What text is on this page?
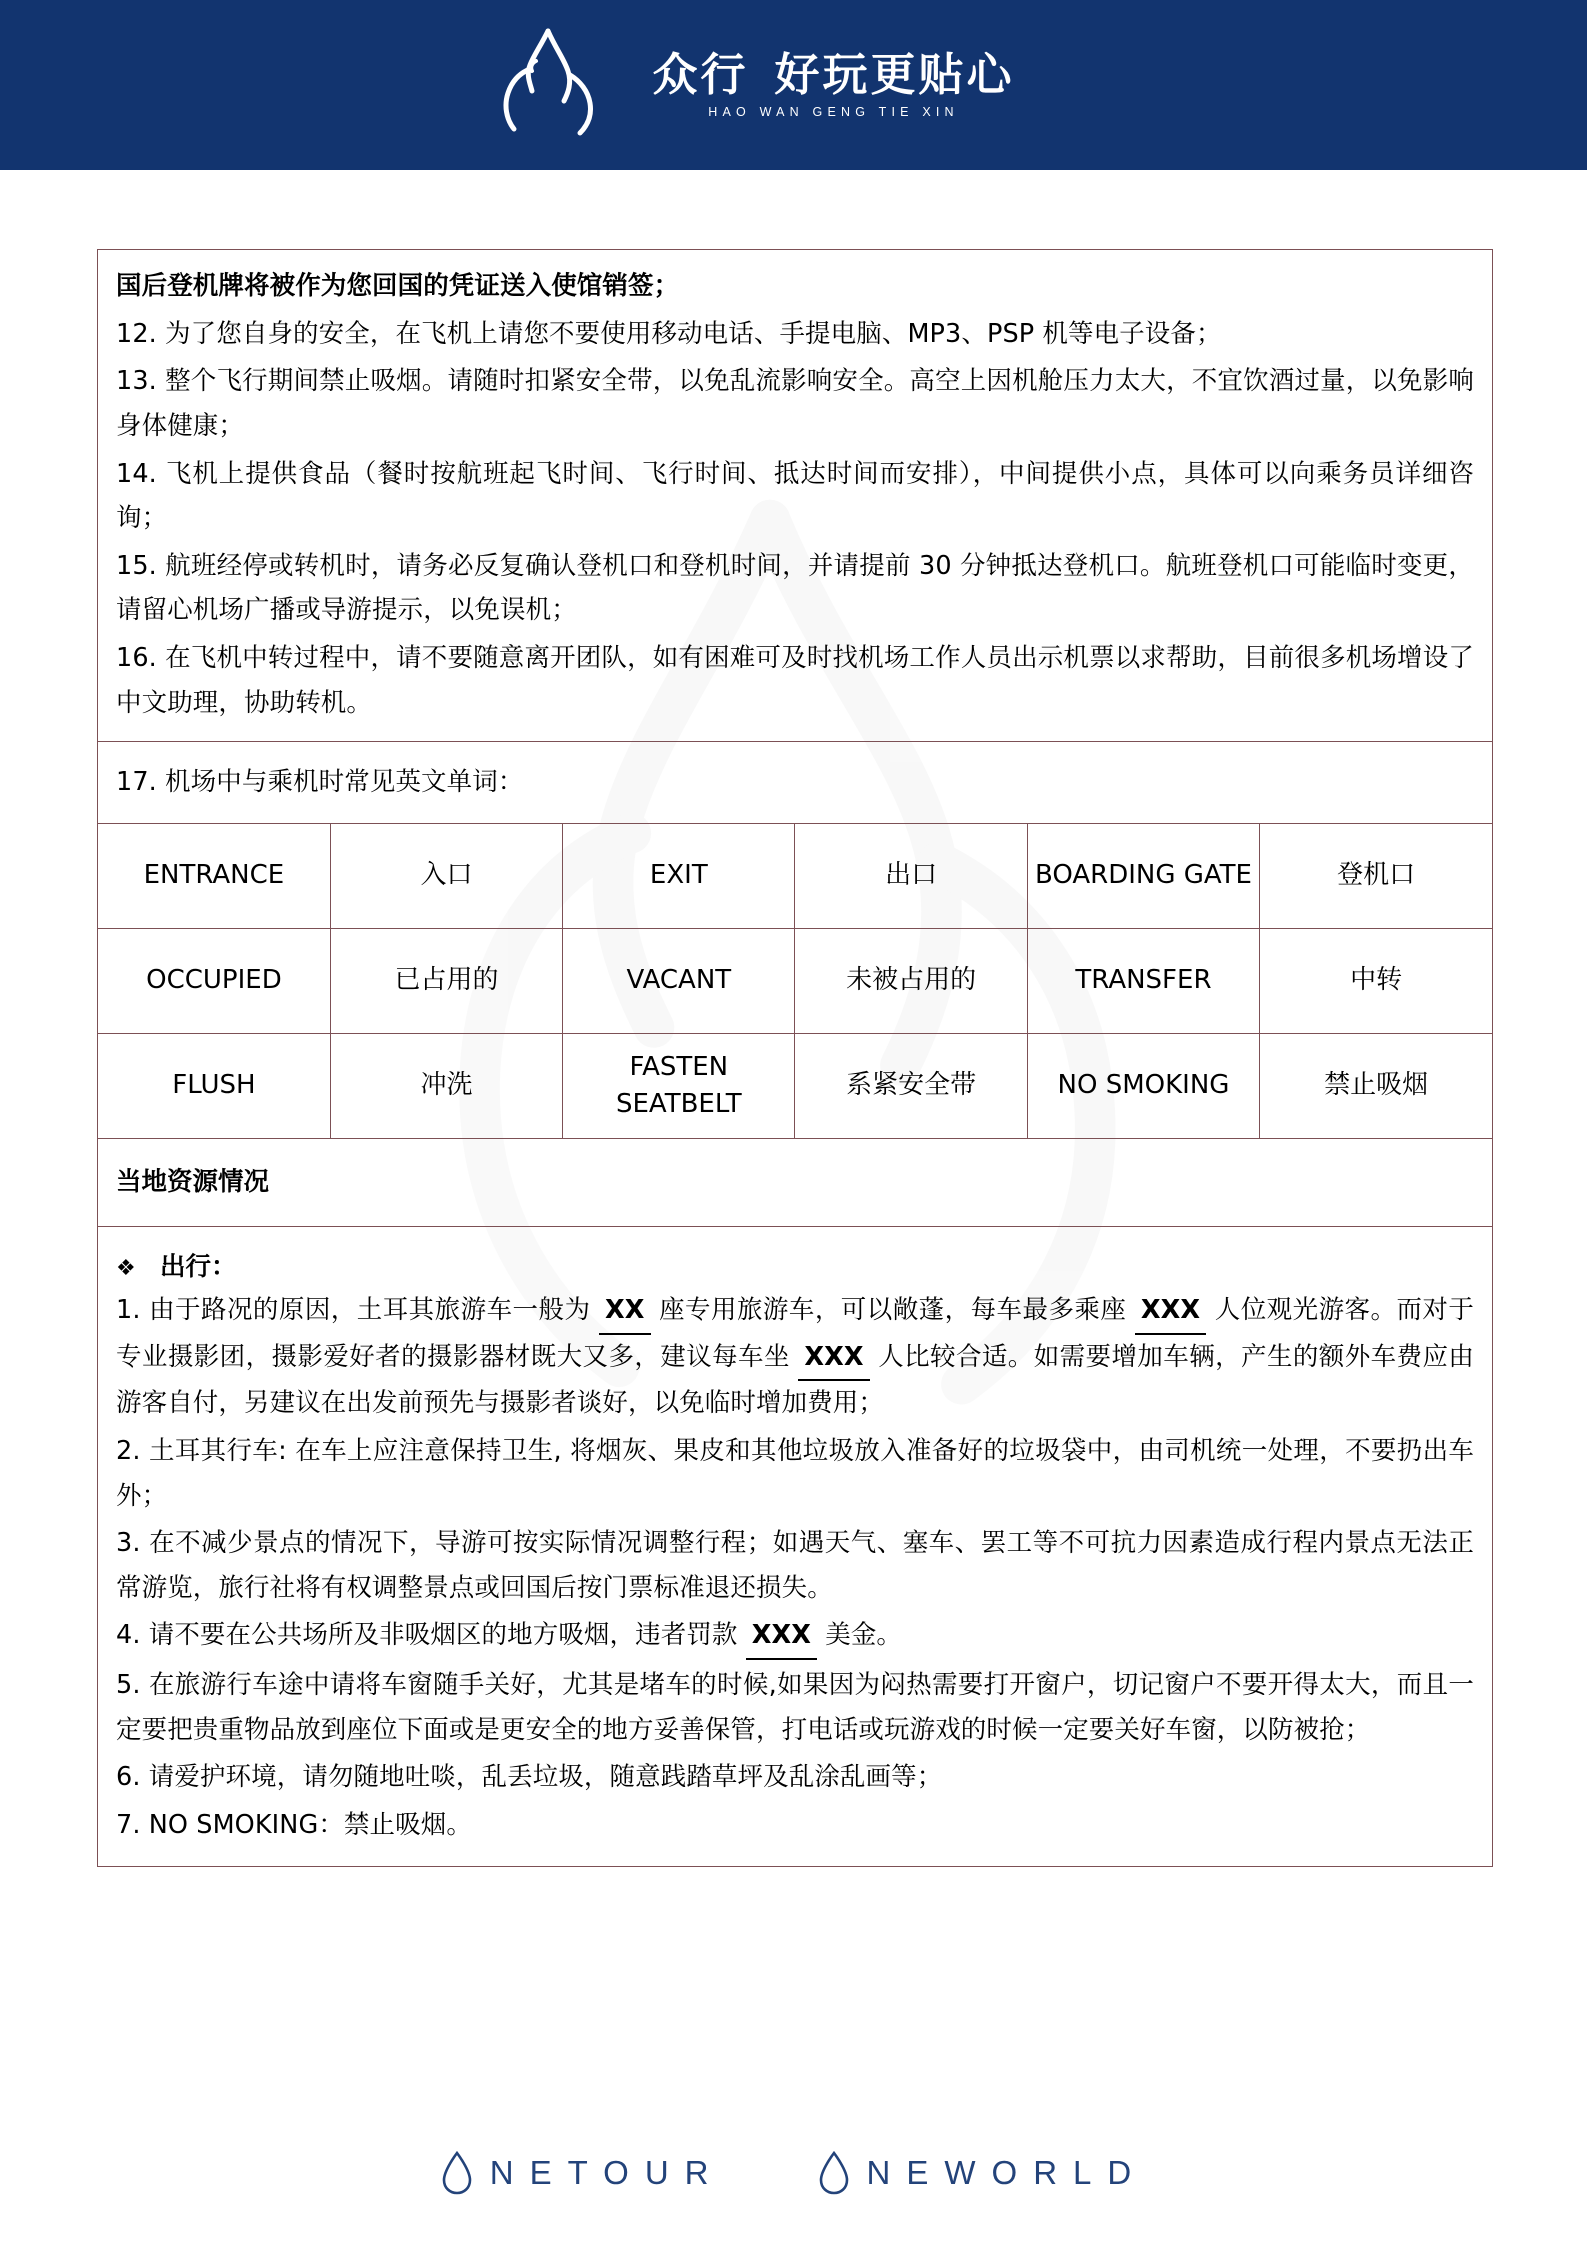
众行 好玩更贴心
HAO WAN GENG TIE XIN

国后登机牌将被作为您回国的凭证送入使馆销签；

12. 为了您自身的安全，在飞机上请您不要使用移动电话、手提电脑、MP3、PSP 机等电子设备；

13. 整个飞行期间禁止吸烟。请随时扣紧安全带，以免乱流影响安全。高空上因机舱压力太大，不宜饮酒过量，以免影响身体健康；

14. 飞机上提供食品（餐时按航班起飞时间、飞行时间、抵达时间而安排），中间提供小点，具体可以向乘务员详细咨询；

15. 航班经停或转机时，请务必反复确认登机口和登机时间，并请提前 30 分钟抵达登机口。航班登机口可能临时变更，请留心机场广播或导游提示，以免误机；

16. 在飞机中转过程中，请不要随意离开团队，如有困难可及时找机场工作人员出示机票以求帮助，目前很多机场增设了中文助理，协助转机。

17. 机场中与乘机时常见英文单词：

ENTRANCE	入口	EXIT	出口	BOARDING GATE	登机口
OCCUPIED	已占用的	VACANT	未被占用的	TRANSFER	中转
FLUSH	冲洗	FASTEN SEATBELT	系紧安全带	NO SMOKING	禁止吸烟

当地资源情况

❖ 出行：

1. 由于路况的原因，土耳其旅游车一般为 XX 座专用旅游车，可以敞蓬，每车最多乘座 XXX 人位观光游客。而对于专业摄影团，摄影爱好者的摄影器材既大又多，建议每车坐 XXX 人比较合适。如需要增加车辆，产生的额外车费应由游客自付，另建议在出发前预先与摄影者谈好，以免临时增加费用；

2. 土耳其行车: 在车上应注意保持卫生, 将烟灰、果皮和其他垃圾放入准备好的垃圾袋中，由司机统一处理，不要扔出车外；

3. 在不减少景点的情况下，导游可按实际情况调整行程；如遇天气、塞车、罢工等不可抗力因素造成行程内景点无法正常游览，旅行社将有权调整景点或回国后按门票标准退还损失。

4. 请不要在公共场所及非吸烟区的地方吸烟，违者罚款 XXX 美金。

5. 在旅游行车途中请将车窗随手关好，尤其是堵车的时候,如果因为闷热需要打开窗户，切记窗户不要开得太大，而且一定要把贵重物品放到座位下面或是更安全的地方妥善保管，打电话或玩游戏的时候一定要关好车窗，以防被抢；

6. 请爱护环境，请勿随地吐啖，乱丢垃圾，随意践踏草坪及乱涂乱画等；

7. NO SMOKING：禁止吸烟。

NETOUR	NEWORLD
